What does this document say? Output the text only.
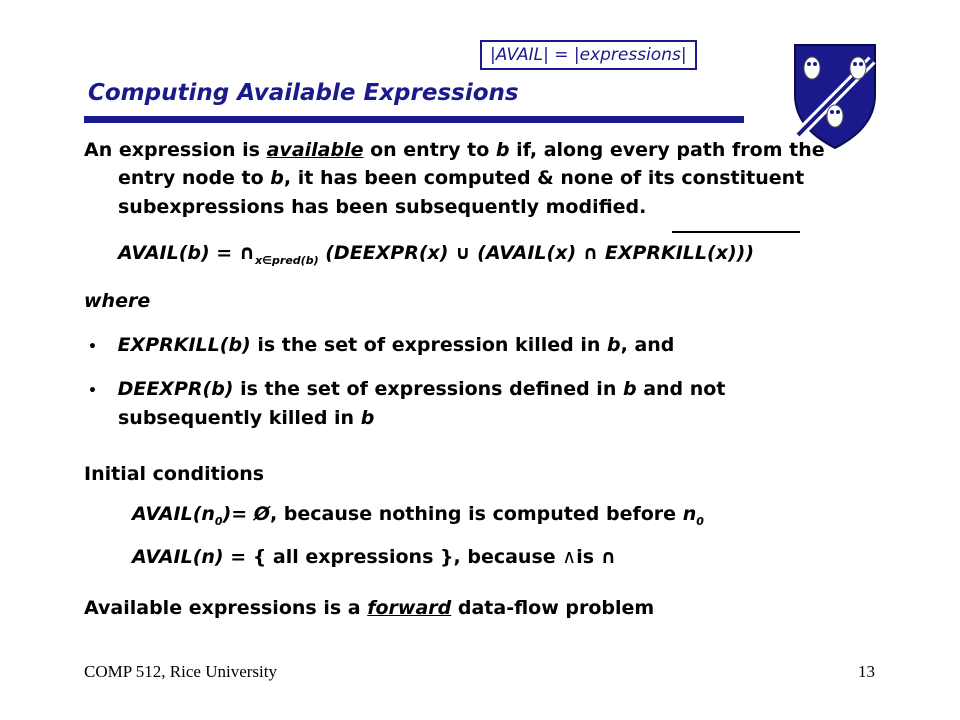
|AVAIL| = |expressions|
Computing Available Expressions
An expression is available on entry to b if, along every path from the
entry node to b, it has been computed & none of its constituent
subexpressions has been subsequently modified.
AVAIL(b) = $\cap_{x\in pred(b)}$ (DEEXPR(x) ∪ (AVAIL(x) ∩ EXPRKILL(x)))
where
• EXPRKILL(b) is the set of expression killed in b, and
• DEEXPR(b) is the set of expressions defined in b and not
subsequently killed in b
Initial conditions
$AVAIL(n_0)=$ Ø, because nothing is computed before $n_0$
AVAIL(n) = { all expressions }, because ∧is ∩
Available expressions is a forward data-flow problem
COMP 512, Rice University	13
